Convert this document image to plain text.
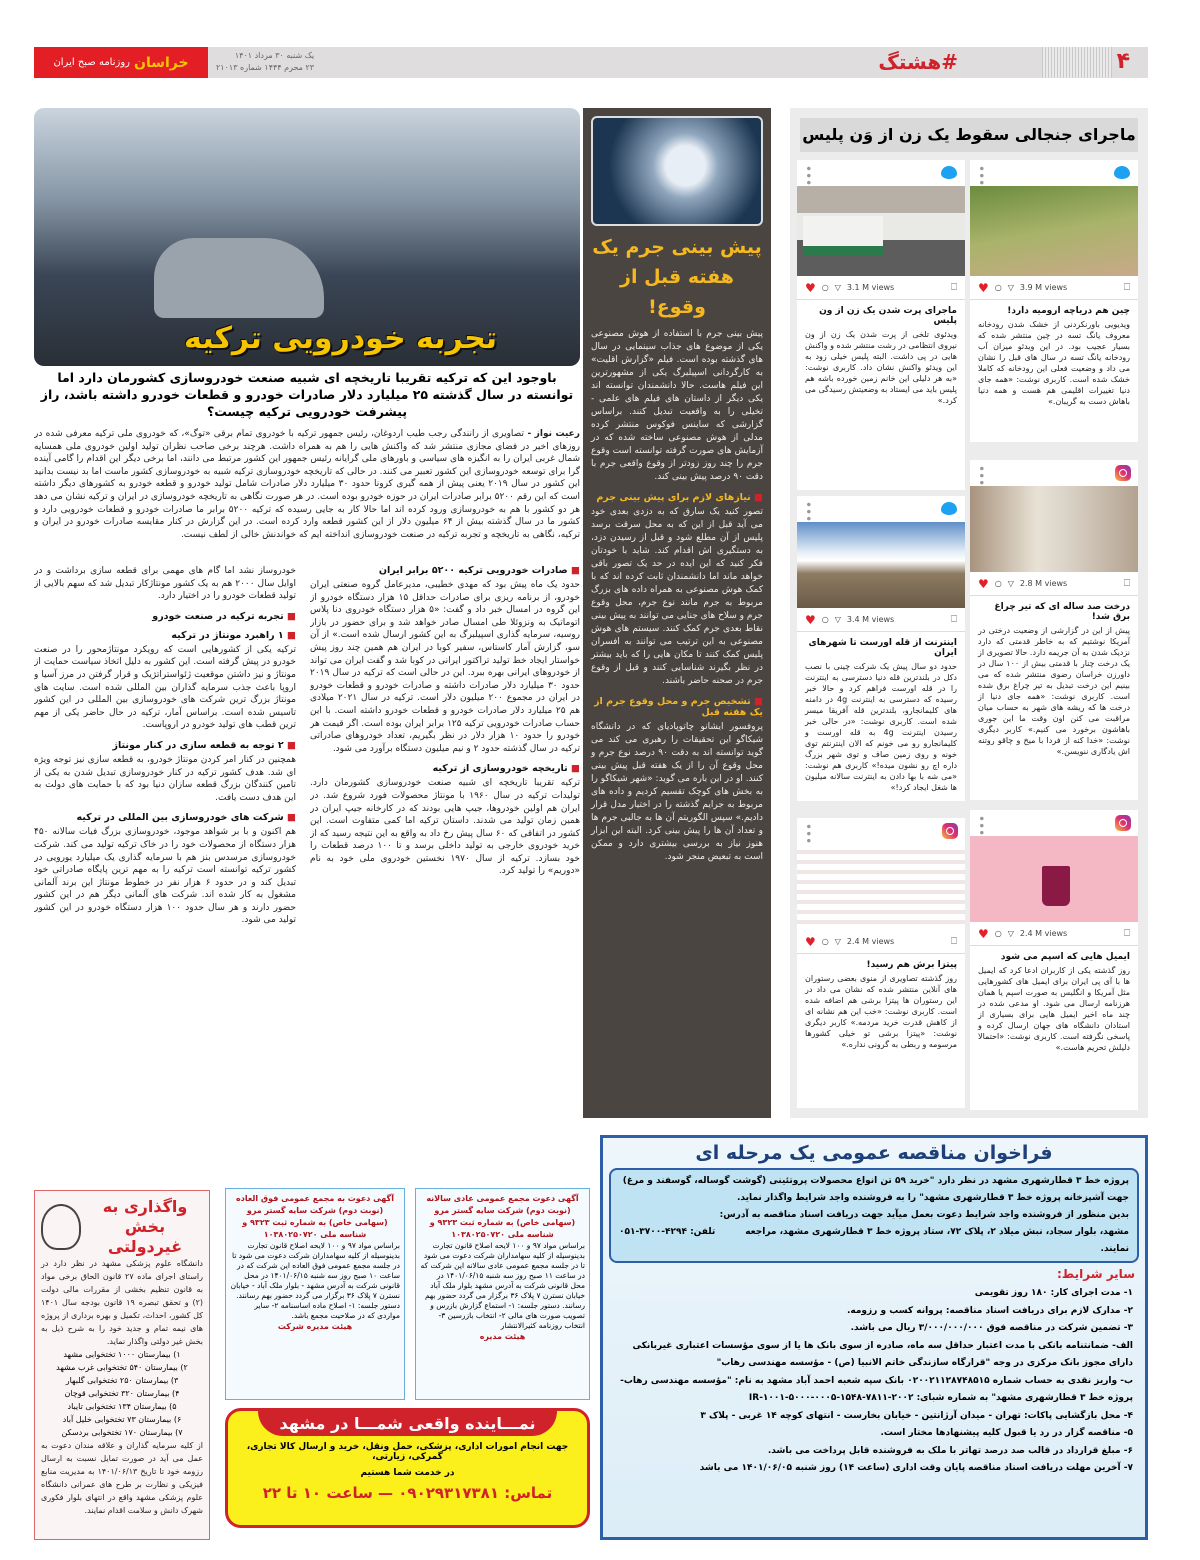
۴
#هشتگ
یک شنبه ۳۰ مرداد ۱۴۰۱
۲۳ محرم ۱۴۴۴ شماره ۲۱۰۱۳
خراسان
روزنامه صبح ایران
ماجرای جنجالی سقوط یک زن از وَن پلیس
•••
♥ ○ ▽ 3.9 M views	⎕
چین هم دریاچه ارومیه دارد!

ویدیویی باورنکردنی از خشک شدن رودخانه معروف یانگ تسه در چین منتشر شده که بسیار عجیب بود. در این ویدئو میزان آب رودخانه یانگ تسه در سال های قبل را نشان می داد و وضعیت فعلی این رودخانه که کاملا خشک شده است. کاربری نوشت: «همه جای دنیا تغییرات اقلیمی هم هست و همه دنیا باهاش دست به گریبان.»

•••
♥ ○ ▽ 2.8 M views	⎕
درخت صد ساله ای که تیر چراغ برق شد!

پیش از این در گزارشی از وضعیت درختی در آمریکا نوشتیم که به خاطر قدمتی که دارد نزدیک شدن به آن جریمه دارد. حالا تصویری از یک درخت چنار با قدمتی بیش از ۱۰۰ سال در داورزن خراسان رضوی منتشر شده که می بینیم این درخت تبدیل به تیر چراغ برق شده است. کاربری نوشت: «همه جای دنیا از درخت ها که ریشه های شهر به حساب میان مراقبت می کنن اون وقت ما این جوری باهاشون برخورد می کنیم.» کاربر دیگری نوشت: «خدا کنه از فردا با میخ و چاقو روتنه اش یادگاری ننویسن.»

•••
♥ ○ ▽ 2.4 M views	⎕
ایمیل هایی که اسپم می شود

روز گذشته یکی از کاربران ادعا کرد که ایمیل ها با آی پی ایران برای ایمیل های کشورهایی مثل آمریکا و انگلیس به صورت اسپم یا همان هرزنامه ارسال می شود. او مدعی شده در چند ماه اخیر ایمیل هایی برای بسیاری از استادان دانشگاه های جهان ارسال کرده و پاسخی نگرفته است. کاربری نوشت: «احتمالا دلیلش تحریم هاست.»

•••
♥ ○ ▽ 3.1 M views	⎕
ماجرای پرت شدن یک زن از ون پلیس

ویدئوی تلخی از پرت شدن یک زن از ون نیروی انتظامی در رشت منتشر شده و واکنش هایی در پی داشت. البته پلیس خیلی زود به این ویدئو واکنش نشان داد. کاربری نوشت: «به هر دلیلی این خانم زمین خورده باشه هم پلیس باید می ایستاد به وضعیتش رسیدگی می کرد.»

•••
♥ ○ ▽ 3.4 M views	⎕
اینترنت از قله اورست تا شهرهای ایران

حدود دو سال پیش یک شرکت چینی با نصب دکل در بلندترین قله دنیا دسترسی به اینترنت را در قله اورست فراهم کرد و حالا خبر رسیده که دسترسی به اینترنت 4g در دامنه های کلیمانجارو، بلندترین قله آفریقا میسر شده است. کاربری نوشت: «در حالی خبر رسیدن اینترنت 4g به قله اورست و کلیمانجارو رو می خونم که الان اینترنتم توی خونه و روی زمین صاف و توی شهر بزرگ داره اچ رو نشون میده!» کاربری هم نوشت: «می شه با بها دادن به اینترنت سالانه میلیون ها شغل ایجاد کرد!»

•••
♥ ○ ▽ 2.4 M views	⎕
پیتزا برش هم رسید!

روز گذشته تصاویری از منوی بعضی رستوران های آنلاین منتشر شده که نشان می داد در این رستوران ها پیتزا برشی هم اضافه شده است. کاربری نوشت: «خب این هم نشانه ای از کاهش قدرت خرید مردمه.» کاربر دیگری نوشت: «پیتزا برشی تو خیلی کشورها مرسومه و ربطی به گرونی نداره.»

پیش بینی جرم یک هفته قبل از وقوع!

پیش بینی جرم با استفاده از هوش مصنوعی یکی از موضوع های جذاب سینمایی در سال های گذشته بوده است. فیلم «گزارش اقلیت» به کارگردانی اسپیلبرگ یکی از مشهورترین این فیلم هاست. حالا دانشمندان توانسته اند یکی دیگر از داستان های فیلم های علمی - تخیلی را به واقعیت تبدیل کنند. براساس گزارشی که ساینس فوکوس منتشر کرده مدلی از هوش مصنوعی ساخته شده که در آزمایش های صورت گرفته توانسته است وقوع جرم را چند روز زودتر از وقوع واقعی جرم با دقت ۹۰ درصد پیش بینی کند.

■ نیازهای لازم برای پیش بینی جرم

تصور کنید یک سارق که به دزدی بعدی خود می آید قبل از این که به محل سرقت برسد پلیس از آن مطلع شود و قبل از رسیدن دزد، به دستگیری اش اقدام کند. شاید با خودتان فکر کنید که این ایده در حد یک تصور باقی خواهد ماند اما دانشمندان ثابت کرده اند که با کمک هوش مصنوعی به همراه داده های بزرگ مربوط به جرم مانند نوع جرم، محل وقوع جرم و سلاح های جنایی می توانند به پیش بینی نقاط بعدی جرم کمک کنند. سیستم های هوش مصنوعی به این ترتیب می توانند به افسران پلیس کمک کنند تا مکان هایی را که باید بیشتر در نظر بگیرند شناسایی کنند و قبل از وقوع جرم در صحنه حاضر باشند.

■ تشخیص جرم و محل وقوع جرم از یک هفته قبل

پروفسور ایشانو چاتوپادیای که در دانشگاه شیکاگو این تحقیقات را رهبری می کند می گوید توانسته اند به دقت ۹۰ درصد نوع جرم و محل وقوع آن را از یک هفته قبل پیش بینی کنند. او در این باره می گوید: «شهر شیکاگو را به بخش های کوچک تقسیم کردیم و داده های مربوط به جرایم گذشته را در اختیار مدل قرار دادیم.» سپس الگوریتم آن ها به جالبی جرم ها و تعداد آن ها را پیش بینی کرد. البته این ابزار هنوز نیاز به بررسی بیشتری دارد و ممکن است به تبعیض منجر شود.

تجربه خودرویی ترکیه
باوجود این که ترکیه تقریبا تاریخچه ای شبیه صنعت خودروسازی کشورمان دارد اما توانسته در سال گذشته ۲۵ میلیارد دلار صادرات خودرو و قطعات خودرو داشته باشد، راز پیشرفت خودرویی ترکیه چیست؟

رعیت نواز - تصاویری از رانندگی رجب طیب اردوغان، رئیس جمهور ترکیه با خودروی تمام برقی «توگ»، که خودروی ملی ترکیه معرفی شده در روزهای اخیر در فضای مجازی منتشر شد که واکنش هایی را هم به همراه داشت. هرچند برخی صاحب نظران تولید اولین خودروی ملی همسایه شمال غربی ایران را به انگیزه های سیاسی و باورهای ملی گرایانه رئیس جمهور این کشور مرتبط می دانند، اما برخی دیگر این اقدام را گامی آینده گرا برای توسعه خودروسازی این کشور تعبیر می کنند. در حالی که تاریخچه خودروسازی ترکیه شبیه به خودروسازی کشور ماست اما بد نیست بدانید این کشور در سال ۲۰۱۹ یعنی پیش از همه گیری کرونا حدود ۳۰ میلیارد دلار صادرات شامل تولید خودرو و قطعه خودرو به کشورهای دیگر داشته است که این رقم ۵۲۰۰ برابر صادرات ایران در حوزه خودرو بوده است. در هر صورت نگاهی به تاریخچه خودروسازی در ایران و ترکیه نشان می دهد هر دو کشور با هم به خودروسازی ورود کرده اند اما حالا کار به جایی رسیده که ترکیه ۵۲۰۰ برابر ما صادرات خودرو و قطعات خودرویی دارد و کشور ما در سال گذشته بیش از ۶۴ میلیون دلار از این کشور قطعه وارد کرده است. در این گزارش در کنار مقایسه صادرات خودرو در ایران و ترکیه، نگاهی به تاریخچه و تجربه ترکیه در صنعت خودروسازی انداخته ایم که خواندنش خالی از لطف نیست.

■ صادرات خودرویی ترکیه ۵۲۰۰ برابر ایران

حدود یک ماه پیش بود که مهدی خطیبی، مدیرعامل گروه صنعتی ایران خودرو، از برنامه ریزی برای صادرات حداقل ۱۵ هزار دستگاه خودرو از این گروه در امسال خبر داد و گفت: «۵ هزار دستگاه خودروی دنا پلاس اتوماتیک به ونزوئلا طی امسال صادر خواهد شد و برای حضور در بازار روسیه، سرمایه گذاری اسپیلبرگ به این کشور ارسال شده است.» از آن سو، گزارش آمار کاستاس، سفیر کوبا در ایران هم همین چند روز پیش خواستار ایجاد خط تولید تراکتور ایرانی در کوبا شد و گفت ایران می تواند از خودروهای ایرانی بهره ببرد. این در حالی است که ترکیه در سال ۲۰۱۹ حدود ۳۰ میلیارد دلار صادرات داشته و صادرات خودرو و قطعات خودرو در ایران در مجموع ۲۰۰ میلیون دلار است. ترکیه در سال ۲۰۲۱ میلادی هم ۲۵ میلیارد دلار صادرات خودرو و قطعات خودرو داشته است. با این حساب صادرات خودرویی ترکیه ۱۲۵ برابر ایران بوده است. اگر قیمت هر خودرو را حدود ۱۰ هزار دلار در نظر بگیریم، تعداد خودروهای صادراتی ترکیه در سال گذشته حدود ۲ و نیم میلیون دستگاه برآورد می شود.

■ تاریخچه خودروسازی از ترکیه

ترکیه تقریبا تاریخچه ای شبیه صنعت خودروسازی کشورمان دارد. تولیدات ترکیه در سال ۱۹۶۰ با مونتاژ محصولات فورد شروع شد. در ایران هم اولین خودروها، جیپ هایی بودند که در کارخانه جیپ ایران در همین زمان تولید می شدند. داستان ترکیه اما کمی متفاوت است. این کشور در اتفاقی که ۶۰ سال پیش رخ داد به واقع به این نتیجه رسید که از خرید خودروی خارجی به تولید داخلی برسد و تا ۱۰۰ درصد قطعات را خود بسازد. ترکیه از سال ۱۹۷۰ نخستین خودروی ملی خود به نام «دوریم» را تولید کرد.

خودروساز نشد اما گام های مهمی برای قطعه سازی برداشت و در اوایل سال ۲۰۰۰ هم به یک کشور مونتاژکار تبدیل شد که سهم بالایی از تولید قطعات خودرو را در اختیار دارد.

■ تجربه ترکیه در صنعت خودرو
■ ۱ راهبرد مونتاژ در ترکیه

ترکیه یکی از کشورهایی است که رویکرد مونتاژمحور را در صنعت خودرو در پیش گرفته است. این کشور به دلیل اتخاذ سیاست حمایت از مونتاژ و نیز داشتن موقعیت ژئواستراتژیک و قرار گرفتن در مرز آسیا و اروپا باعث جذب سرمایه گذاران بین المللی شده است. سایت های مونتاژ بزرگ ترین شرکت های خودروسازی بین المللی در این کشور تاسیس شده است. براساس آمار، ترکیه در حال حاضر یکی از مهم ترین قطب های تولید خودرو در اروپاست.

■ ۲ توجه به قطعه سازی در کنار مونتاژ

همچنین در کنار امر کردن مونتاژ خودرو، به قطعه سازی نیز توجه ویژه ای شد. هدف کشور ترکیه در کنار خودروسازی تبدیل شدن به یکی از تامین کنندگان بزرگ قطعه سازان دنیا بود که با حمایت های دولت به این هدف دست یافت.

■ شرکت های خودروسازی بین المللی در ترکیه

هم اکنون و با بر شواهد موجود، خودروسازی بزرگ فیات سالانه ۴۵۰ هزار دستگاه از محصولات خود را در خاک ترکیه تولید می کند. شرکت خودروسازی مرسدس بنز هم با سرمایه گذاری یک میلیارد یورویی در کشور ترکیه توانسته است ترکیه را به مهم ترین پایگاه صادراتی خود تبدیل کند و در حدود ۶ هزار نفر در خطوط مونتاژ این برند آلمانی مشغول به کار شده اند. شرکت های آلمانی دیگر هم در این کشور حضور دارند و هر سال حدود ۱۰۰ هزار دستگاه خودرو در این کشور تولید می شود.

فراخوان مناقصه عمومی یک مرحله ای
پروژه خط ۳ قطارشهری مشهد در نظر دارد "خرید ۵۹ تن انواع محصولات پروتئینی (گوشت گوساله، گوسفند و مرغ) جهت آشپزخانه پروژه خط ۳ قطارشهری مشهد" را به فروشنده واجد شرایط واگذار نماید.
بدین منظور از فروشنده واجد شرایط دعوت بعمل میآید جهت دریافت اسناد مناقصه به آدرس:
مشهد، بلوار سجاد، نبش میلاد ۲، پلاک ۷۲، ستاد پروژه خط ۳ قطارشهری مشهد، مراجعه نمایند.
تلفن: ۴۲۹۴-۳۷۰۰-۰۵۱
سایر شرایط:
۱- مدت اجرای کار: ۱۸۰ روز تقویمی
۲- مدارک لازم برای دریافت اسناد مناقصه: پروانه کسب و رزومه.
۳- تضمین شرکت در مناقصه فوق ۳/۰۰۰/۰۰۰/۰۰۰ ریال می باشد.
الف- ضمانتنامه بانکی با مدت اعتبار حداقل سه ماه، صادره از سوی بانک ها یا از سوی مؤسسات اعتباری غیربانکی دارای مجوز بانک مرکزی در وجه "قرارگاه سازندگی خاتم الانبیا (ص) - مؤسسه مهندسی رهاب"
ب- واریز نقدی به حساب شماره ۰۲۰۰۲۱۱۲۸۷۴۸۵۱۵ بانک سپه شعبه احمد آباد مشهد به نام: "مؤسسه مهندسی رهاب- پروژه خط ۳ قطارشهری مشهد" به شماره شبای: IR-۱۰۰۱-۵۰۰۰-۰۰۰۵-۱۵۴۸-۷۸۱۱-۲۰۰۲
۴- محل بازگشایی پاکات: تهران - میدان آرژانتین - خیابان بخارست - انتهای کوچه ۱۴ غربی - پلاک ۳
۵- مناقصه گزار در رد یا قبول کلیه پیشنهادها مختار است.
۶- مبلغ قرارداد در قالب صد درصد تهاتر با ملک به فروشنده قابل پرداخت می باشد.
۷- آخرین مهلت دریافت اسناد مناقصه پایان وقت اداری (ساعت ۱۴) روز شنبه ۱۴۰۱/۰۶/۰۵ می باشد
آگهی دعوت مجمع عمومی عادی سالانه (نوبت دوم) شرکت سایه گستر مرو (سهامی خاص) به شماره ثبت ۹۳۲۳ و شناسه ملی ۱۰۳۸۰۲۵۰۷۲۰
براساس مواد ۹۷ و ۱۰۰ لایحه اصلاح قانون تجارت بدینوسیله از کلیه سهامداران شرکت دعوت می شود تا در جلسه مجمع عمومی عادی سالانه این شرکت که در ساعت ۱۱ صبح روز سه شنبه ۱۴۰۱/۰۶/۱۵ در محل قانونی شرکت به آدرس مشهد بلوار ملک آباد خیابان نسترن ۷ پلاک ۳۶ برگزار می گردد حضور بهم رسانند. دستور جلسه: ۱- استماع گزارش بازرس و تصویب صورت های مالی ۲- انتخاب بازرسین ۳- انتخاب روزنامه کثیرالانتشار
هیئت مدیره
آگهی دعوت به مجمع عمومی فوق العاده (نوبت دوم) شرکت سایه گستر مرو (سهامی خاص) به شماره ثبت ۹۳۲۳ و شناسه ملی ۱۰۳۸۰۲۵۰۷۲۰
براساس مواد ۹۷ و ۱۰۰ لایحه اصلاح قانون تجارت بدینوسیله از کلیه سهامداران شرکت دعوت می شود تا در جلسه مجمع عمومی فوق العاده این شرکت که در ساعت ۱۰ صبح روز سه شنبه ۱۴۰۱/۰۶/۱۵ در محل قانونی شرکت به آدرس مشهد - بلوار ملک آباد - خیابان نسترن ۷ پلاک ۳۶ برگزار می گردد حضور بهم رسانند. دستور جلسه: ۱- اصلاح ماده اساسنامه ۲- سایر مواردی که در صلاحیت مجمع باشد.
هیئت مدیره شرکت
واگذاری به بخش غیردولتی

دانشگاه علوم پزشکی مشهد در نظر دارد در راستای اجرای ماده ۲۷ قانون الحاق برخی مواد به قانون تنظیم بخشی از مقررات مالی دولت (۲) و تحقق تبصره ۱۹ قانون بودجه سال ۱۴۰۱ کل کشور، احداث، تکمیل و بهره برداری از پروژه های نیمه تمام و جدید خود را به شرح ذیل به بخش غیر دولتی واگذار نماید.

۱) بیمارستان ۱۰۰۰ تختخوابی مشهد
۲) بیمارستان ۵۴۰ تختخوابی غرب مشهد
۳) بیمارستان ۲۵۰ تختخوابی گلبهار
۴) بیمارستان ۳۲۰ تختخوابی قوچان
۵) بیمارستان ۱۳۴ تختخوابی تایباد
۶) بیمارستان ۷۳ تختخوابی خلیل آباد
۷) بیمارستان ۱۷۰ تختخوابی بردسکن

از کلیه سرمایه گذاران و علاقه مندان دعوت به عمل می آید در صورت تمایل نسبت به ارسال رزومه خود تا تاریخ ۱۴۰۱/۰۶/۱۳ به مدیریت منابع فیزیکی و نظارت بر طرح های عمرانی دانشگاه علوم پزشکی مشهد واقع در انتهای بلوار فکوری شهرک دانش و سلامت اقدام نمایند.

نمـــاینده واقعی شمـــا در مشهد
جهت انجام امورات اداری، پزشکی، حمل ونقل، خرید و ارسال کالا تجاری، گمرکی، زیارتی،
در خدمت شما هستیم
تماس: ۰۹۰۲۹۳۱۷۳۸۱ — ساعت ۱۰ تا ۲۲
